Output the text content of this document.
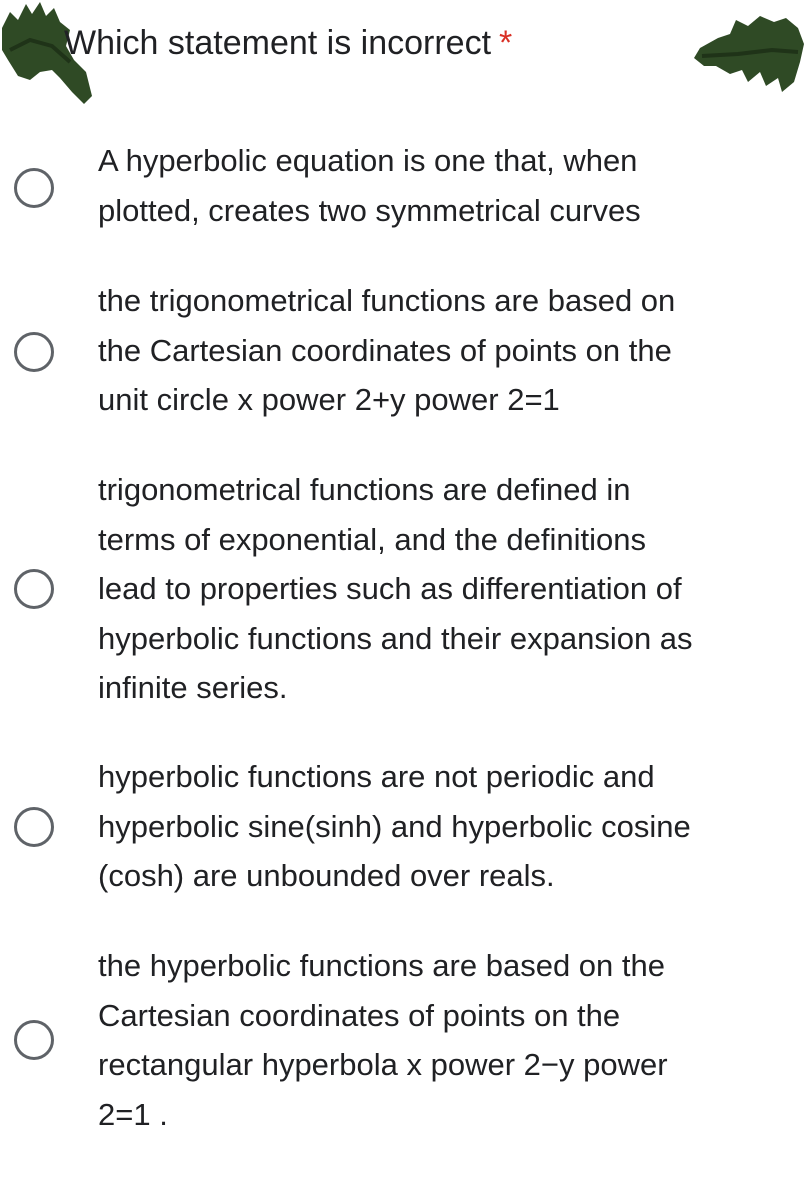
Which statement is incorrect *
A hyperbolic equation is one that, when
plotted, creates two symmetrical curves
the trigonometrical functions are based on
the Cartesian coordinates of points on the
unit circle x power 2+y power 2=1
trigonometrical functions are defined in
terms of exponential, and the definitions
lead to properties such as differentiation of
hyperbolic functions and their expansion as
infinite series.
hyperbolic functions are not periodic and
hyperbolic sine(sinh) and hyperbolic cosine
(cosh) are unbounded over reals.
the hyperbolic functions are based on the
Cartesian coordinates of points on the
rectangular hyperbola x power 2−y power
2=1 .
